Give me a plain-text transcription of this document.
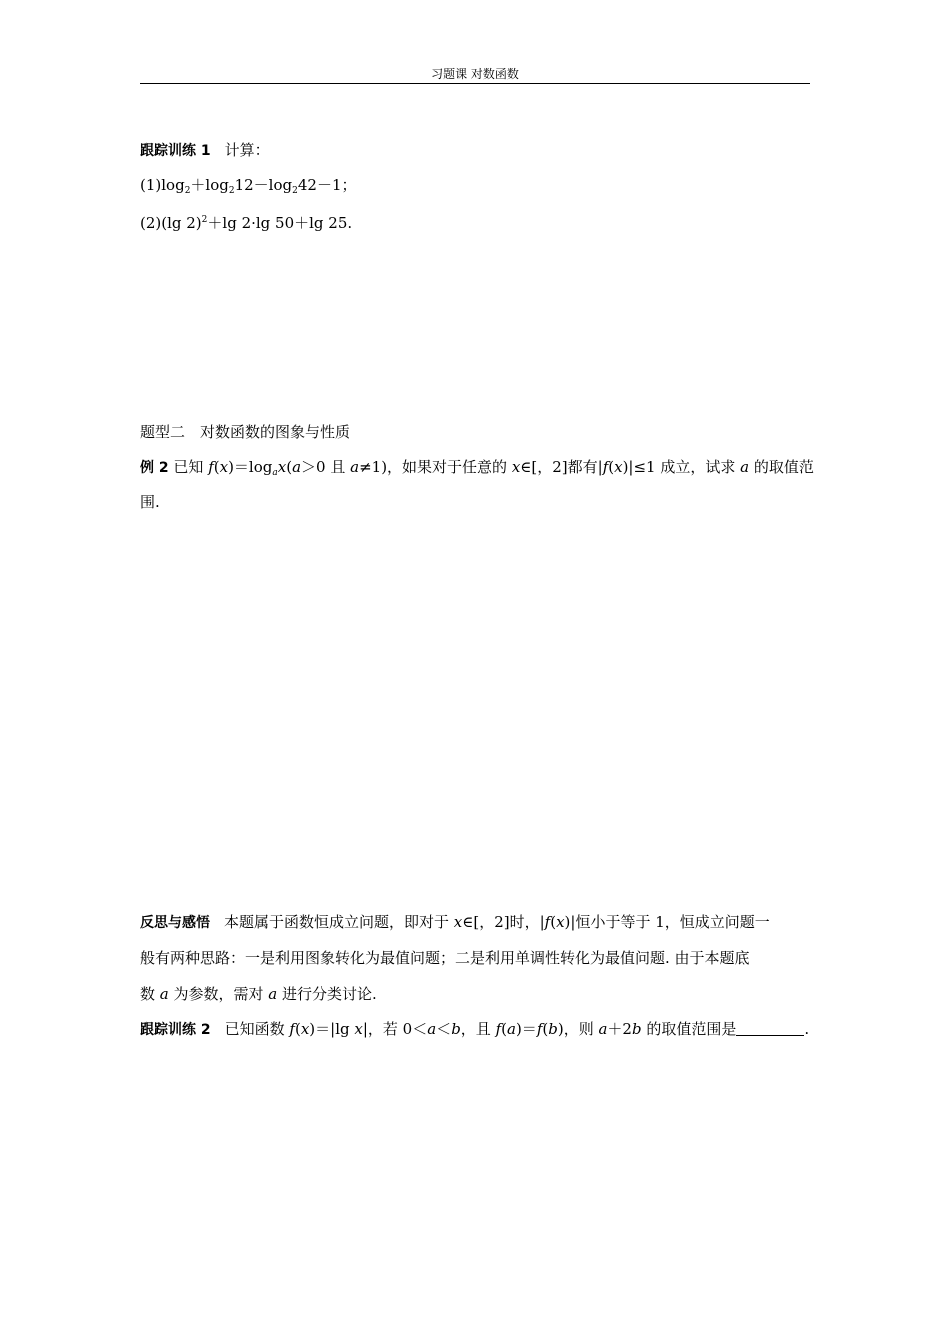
习题课 对数函数
跟踪训练 1 计算：
$(1)\log_2+\log_212-\log_242-1$；
(2)(lg 2)$^2$＋lg 2·lg 50＋lg 25.
题型二　对数函数的图象与性质
例 2 已知 $f(x)=\log_ax(a>0$ 且 a≠1)，如果对于任意的 x∈[，2]都有|f(x)|≤1 成立，试求 a 的取值范
围.
反思与感悟 本题属于函数恒成立问题，即对于 x∈[，2]时，|f(x)|恒小于等于 1，恒成立问题一
般有两种思路：一是利用图象转化为最值问题；二是利用单调性转化为最值问题. 由于本题底
数 a 为参数，需对 a 进行分类讨论.
跟踪训练 2 已知函数 f(x)＝|lg x|，若 0＜a＜b，且 f(a)＝f(b)，则 a＋2b 的取值范围是	.
